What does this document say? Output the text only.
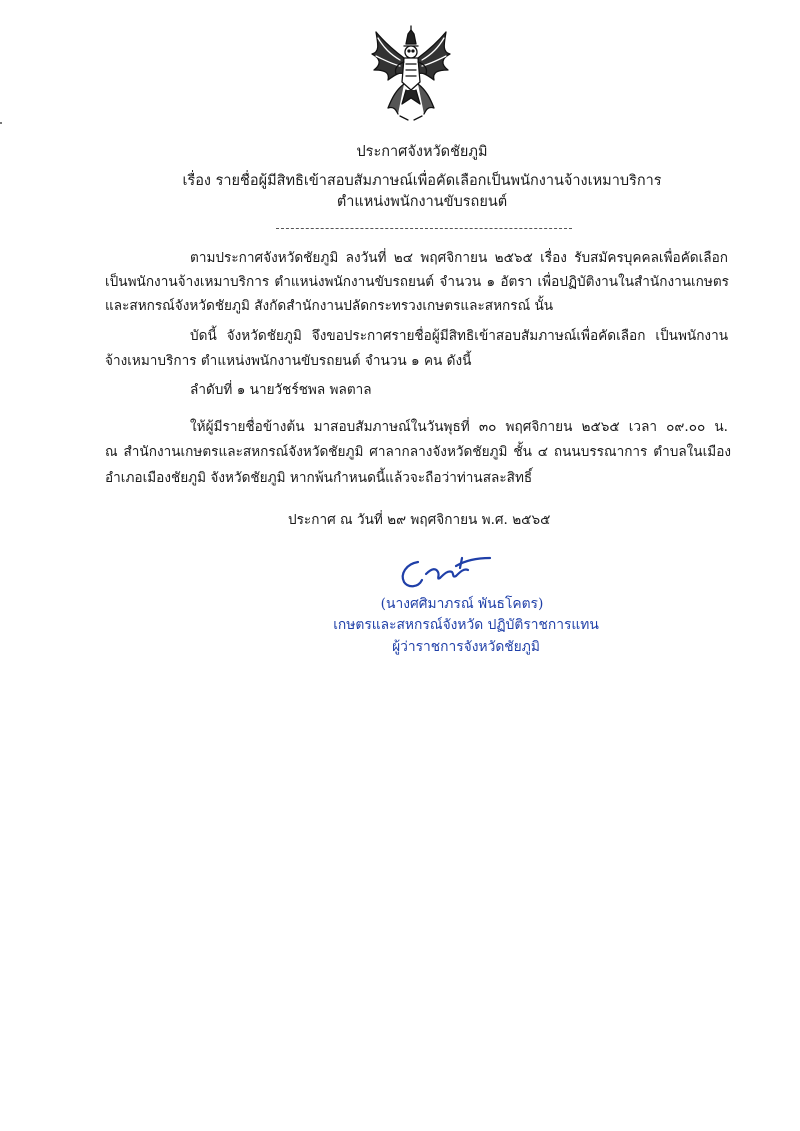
ประกาศจังหวัดชัยภูมิ
เรื่อง รายชื่อผู้มีสิทธิเข้าสอบสัมภาษณ์เพื่อคัดเลือกเป็นพนักงานจ้างเหมาบริการ
ตำแหน่งพนักงานขับรถยนต์
ตามประกาศจังหวัดชัยภูมิ ลงวันที่ ๒๔ พฤศจิกายน ๒๕๖๕ เรื่อง รับสมัครบุคคลเพื่อคัดเลือก
เป็นพนักงานจ้างเหมาบริการ ตำแหน่งพนักงานขับรถยนต์ จำนวน ๑ อัตรา เพื่อปฏิบัติงานในสำนักงานเกษตร
และสหกรณ์จังหวัดชัยภูมิ สังกัดสำนักงานปลัดกระทรวงเกษตรและสหกรณ์ นั้น
บัดนี้ จังหวัดชัยภูมิ จึงขอประกาศรายชื่อผู้มีสิทธิเข้าสอบสัมภาษณ์เพื่อคัดเลือก เป็นพนักงาน
จ้างเหมาบริการ ตำแหน่งพนักงานขับรถยนต์ จำนวน ๑ คน ดังนี้
ลำดับที่ ๑ นายวัชร์ชพล พลตาล
ให้ผู้มีรายชื่อข้างต้น มาสอบสัมภาษณ์ในวันพุธที่ ๓๐ พฤศจิกายน ๒๕๖๕ เวลา ๐๙.๐๐ น.
ณ สำนักงานเกษตรและสหกรณ์จังหวัดชัยภูมิ ศาลากลางจังหวัดชัยภูมิ ชั้น ๔ ถนนบรรณาการ ตำบลในเมือง
อำเภอเมืองชัยภูมิ จังหวัดชัยภูมิ หากพ้นกำหนดนี้แล้วจะถือว่าท่านสละสิทธิ์
ประกาศ ณ วันที่ ๒๙ พฤศจิกายน พ.ศ. ๒๕๖๕
(นางศศิมาภรณ์ พันธโคตร)
เกษตรและสหกรณ์จังหวัด ปฏิบัติราชการแทน
ผู้ว่าราชการจังหวัดชัยภูมิ
